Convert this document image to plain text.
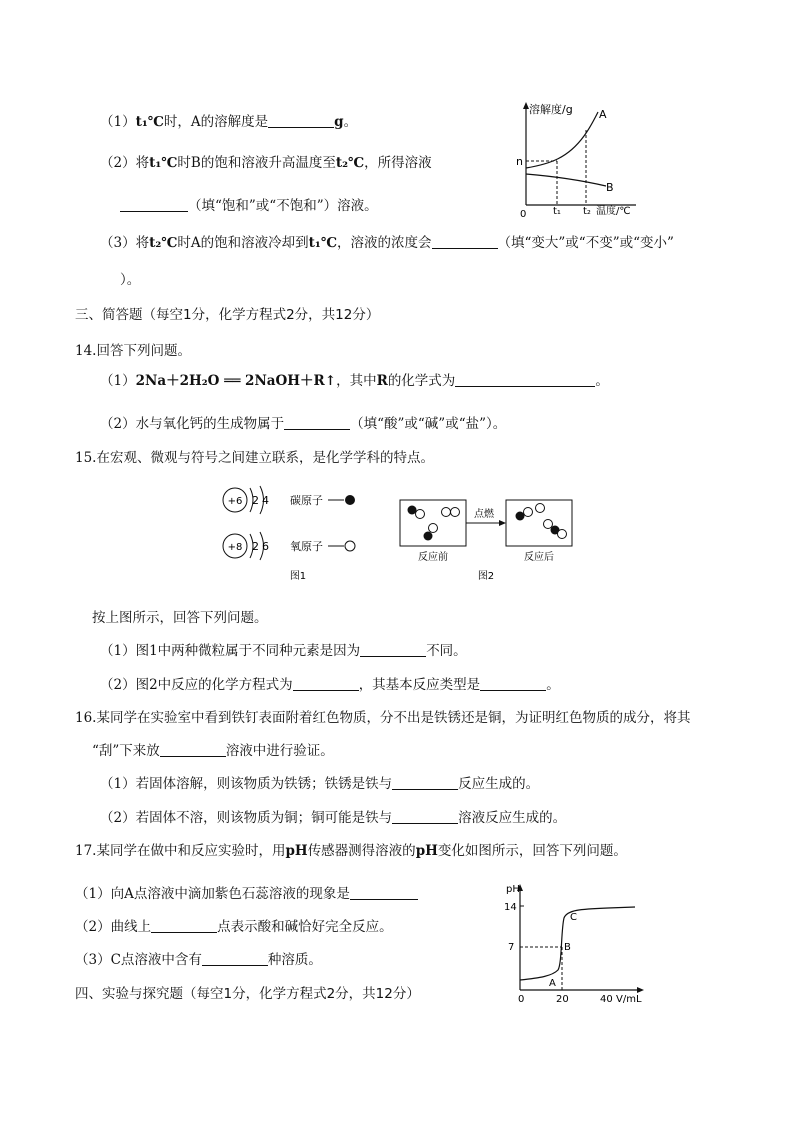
（1）t₁℃时，A的溶解度是	g。
（2）将t₁℃时B的饱和溶液升高温度至t₂℃，所得溶液
（填“饱和”或“不饱和”）溶液。
（3）将t₂℃时A的饱和溶液冷却到t₁℃，溶液的浓度会	（填“变大”或“不变”或“变小”
）。
溶解度/g
温度/℃
0
n
A
B
t₁ t₂
三、简答题（每空1分，化学方程式2分，共12分）
14.回答下列问题。
（1）2Na＋2H₂O ══ 2NaOH＋R↑，其中R的化学式为	。
（2）水与氧化钙的生成物属于	（填“酸”或“碱”或“盐”）。
15.在宏观、微观与符号之间建立联系，是化学学科的特点。
+6 2 4 碳原子
+8 2 6 氧原子
图1
点燃
反应前	反应后
图2
按上图所示，回答下列问题。
（1）图1中两种微粒属于不同种元素是因为	不同。
（2）图2中反应的化学方程式为	，其基本反应类型是	。
16.某同学在实验室中看到铁钉表面附着红色物质，分不出是铁锈还是铜，为证明红色物质的成分，将其
“刮”下来放	溶液中进行验证。
（1）若固体溶解，则该物质为铁锈；铁锈是铁与	反应生成的。
（2）若固体不溶，则该物质为铜；铜可能是铁与	溶液反应生成的。
17.某同学在做中和反应实验时，用pH传感器测得溶液的pH变化如图所示，回答下列问题。
（1）向A点溶液中滴加紫色石蕊溶液的现象是
（2）曲线上	点表示酸和碱恰好完全反应。
（3）C点溶液中含有	种溶质。
pH
V/mL
14
7
0	20	40
A
B
C
四、实验与探究题（每空1分，化学方程式2分，共12分）
